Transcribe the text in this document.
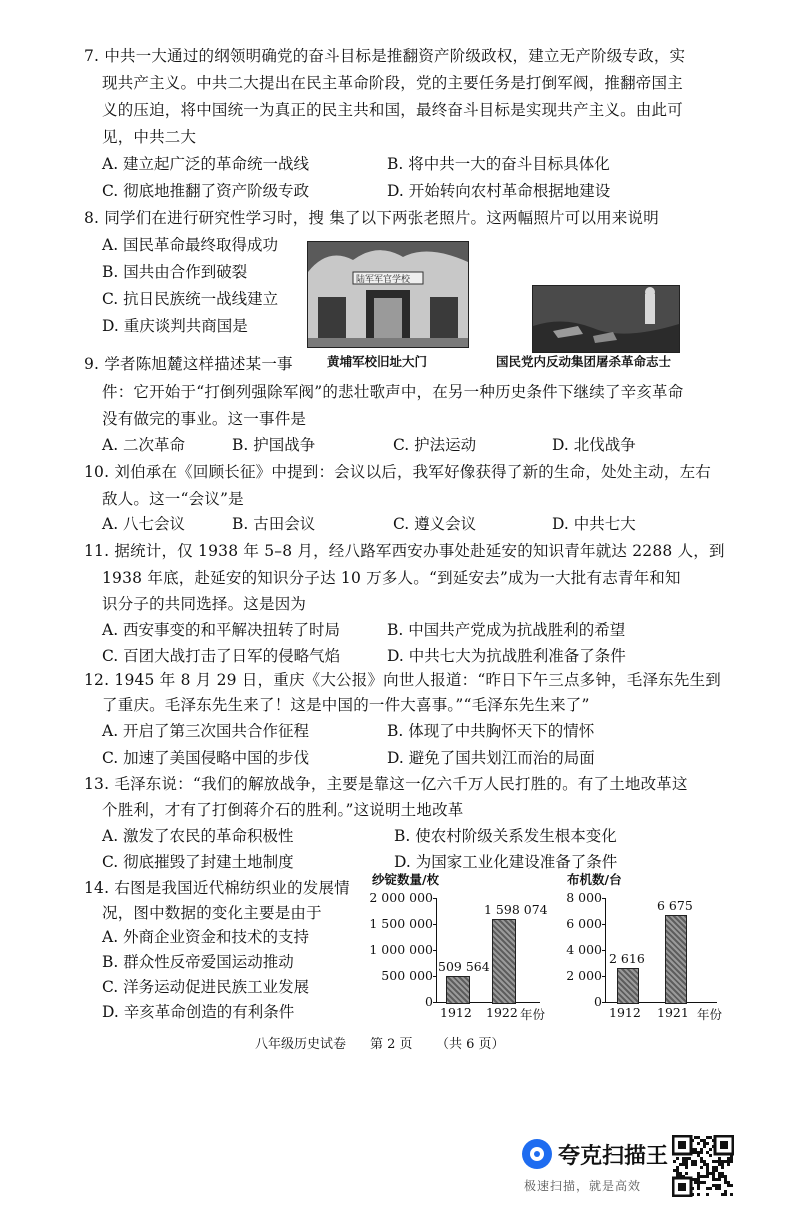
7. 中共一大通过的纲领明确党的奋斗目标是推翻资产阶级政权，建立无产阶级专政，实
现共产主义。中共二大提出在民主革命阶段，党的主要任务是打倒军阀，推翻帝国主
义的压迫，将中国统一为真正的民主共和国，最终奋斗目标是实现共产主义。由此可
见，中共二大
A. 建立起广泛的革命统一战线	B. 将中共一大的奋斗目标具体化
C. 彻底地推翻了资产阶级专政	D. 开始转向农村革命根据地建设
8. 同学们在进行研究性学习时，搜 集了以下两张老照片。这两幅照片可以用来说明
A. 国民革命最终取得成功
B. 国共由合作到破裂
C. 抗日民族统一战线建立
D. 重庆谈判共商国是
陆军军官学校
黄埔军校旧址大门	国民党内反动集团屠杀革命志士
9. 学者陈旭麓这样描述某一事
件：它开始于“打倒列强除军阀”的悲壮歌声中，在另一种历史条件下继续了辛亥革命
没有做完的事业。这一事件是
A. 二次革命	B. 护国战争	C. 护法运动	D. 北伐战争
10. 刘伯承在《回顾长征》中提到：会议以后，我军好像获得了新的生命，处处主动，左右
敌人。这一“会议”是
A. 八七会议	B. 古田会议	C. 遵义会议	D. 中共七大
11. 据统计，仅 1938 年 5–8 月，经八路军西安办事处赴延安的知识青年就达 2288 人，到
1938 年底，赴延安的知识分子达 10 万多人。“到延安去”成为一大批有志青年和知
识分子的共同选择。这是因为
A. 西安事变的和平解决扭转了时局	B. 中国共产党成为抗战胜利的希望
C. 百团大战打击了日军的侵略气焰	D. 中共七大为抗战胜利准备了条件
12. 1945 年 8 月 29 日，重庆《大公报》向世人报道：“昨日下午三点多钟，毛泽东先生到
了重庆。毛泽东先生来了！这是中国的一件大喜事。”“毛泽东先生来了”
A. 开启了第三次国共合作征程	B. 体现了中共胸怀天下的情怀
C. 加速了美国侵略中国的步伐	D. 避免了国共划江而治的局面
13. 毛泽东说：“我们的解放战争，主要是靠这一亿六千万人民打胜的。有了土地改革这
个胜利，才有了打倒蒋介石的胜利。”这说明土地改革
A. 激发了农民的革命积极性	B. 使农村阶级关系发生根本变化
C. 彻底摧毁了封建土地制度	D. 为国家工业化建设准备了条件
14. 右图是我国近代棉纺织业的发展情
况，图中数据的变化主要是由于
A. 外商企业资金和技术的支持
B. 群众性反帝爱国运动推动
C. 洋务运动促进民族工业发展
D. 辛亥革命创造的有利条件
纱锭数量/枚
0
500 000
1 000 000
1 500 000
2 000 000
509 564
1912
1 598 074
1922 年份
布机数/台
0
2 000
4 000
6 000
8 000
2 616
1912
6 675
1921 年份
八年级历史试卷 第 2 页 （共 6 页）
夸克扫描王
极速扫描，就是高效
